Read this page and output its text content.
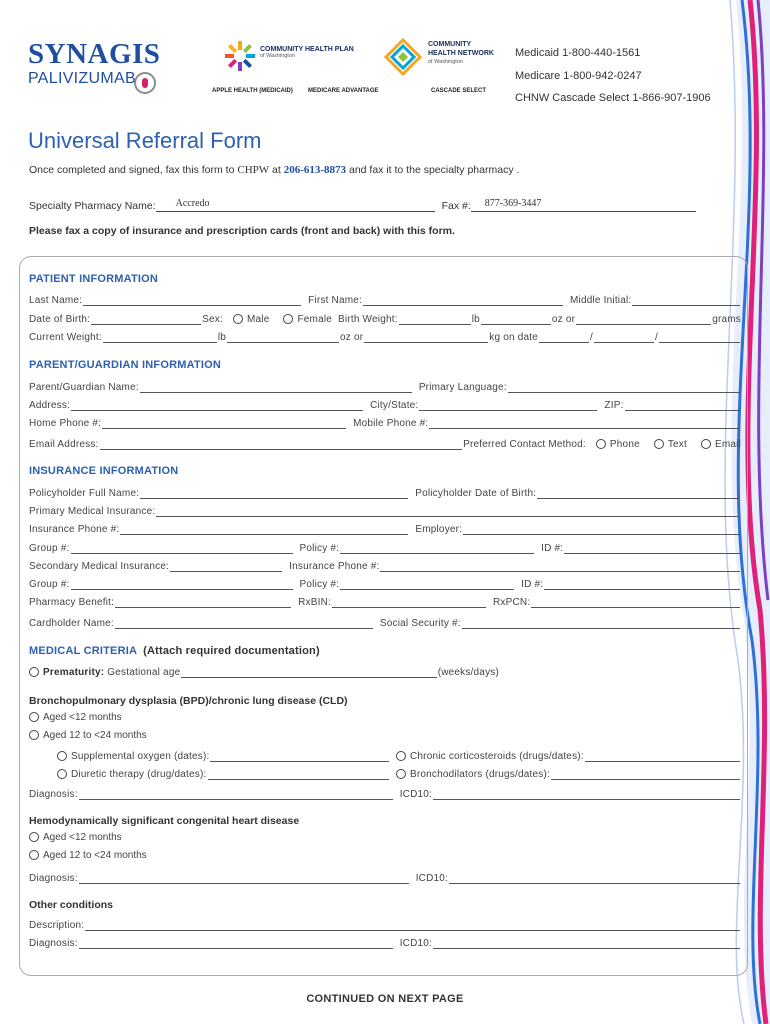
SYNAGIS
PALIVIZUMAB
COMMUNITY HEALTH PLAN
of Washington
APPLE HEALTH (MEDICAID)	MEDICARE ADVANTAGE
COMMUNITY
HEALTH NETWORK
of Washington
CASCADE SELECT
Medicaid 1-800-440-1561
Medicare 1-800-942-0247
CHNW Cascade Select 1-866-907-1906
Universal Referral Form
Once completed and signed, fax this form to CHPW at 206-613-8873 and fax it to the specialty pharmacy .
Specialty Pharmacy Name: Accredo	Fax #: 877-369-3447
Please fax a copy of insurance and prescription cards (front and back) with this form.
PATIENT INFORMATION
Last Name:	First Name:	Middle Initial:
Date of Birth:	Sex: Male	Female Birth Weight:	lb	oz or	grams
Current Weight:	lb	oz or	kg on date	/	/
PARENT/GUARDIAN INFORMATION
Parent/Guardian Name:	Primary Language:
Address:	City/State:	ZIP:
Home Phone #:	Mobile Phone #:
Email Address:	Preferred Contact Method: Phone	Text	Email
INSURANCE INFORMATION
Policyholder Full Name:	Policyholder Date of Birth:
Primary Medical Insurance:
Insurance Phone #:	Employer:
Group #:	Policy #:	ID #:
Secondary Medical Insurance:	Insurance Phone #:
Group #:	Policy #:	ID #:
Pharmacy Benefit:	RxBIN:	RxPCN:
Cardholder Name:	Social Security #:
MEDICAL CRITERIA (Attach required documentation)
Prematurity:
Gestational age	(weeks/days)
Bronchopulmonary dysplasia (BPD)/chronic lung disease (CLD)
Aged <12 months
Aged 12 to <24 months
Supplemental oxygen (dates):	Chronic corticosteroids (drugs/dates):
Diuretic therapy (drug/dates):	Bronchodilators (drugs/dates):
Diagnosis:	ICD10:
Hemodynamically significant congenital heart disease
Aged <12 months
Aged 12 to <24 months
Diagnosis:	ICD10:
Other conditions
Description:
Diagnosis:	ICD10:
CONTINUED ON NEXT PAGE
